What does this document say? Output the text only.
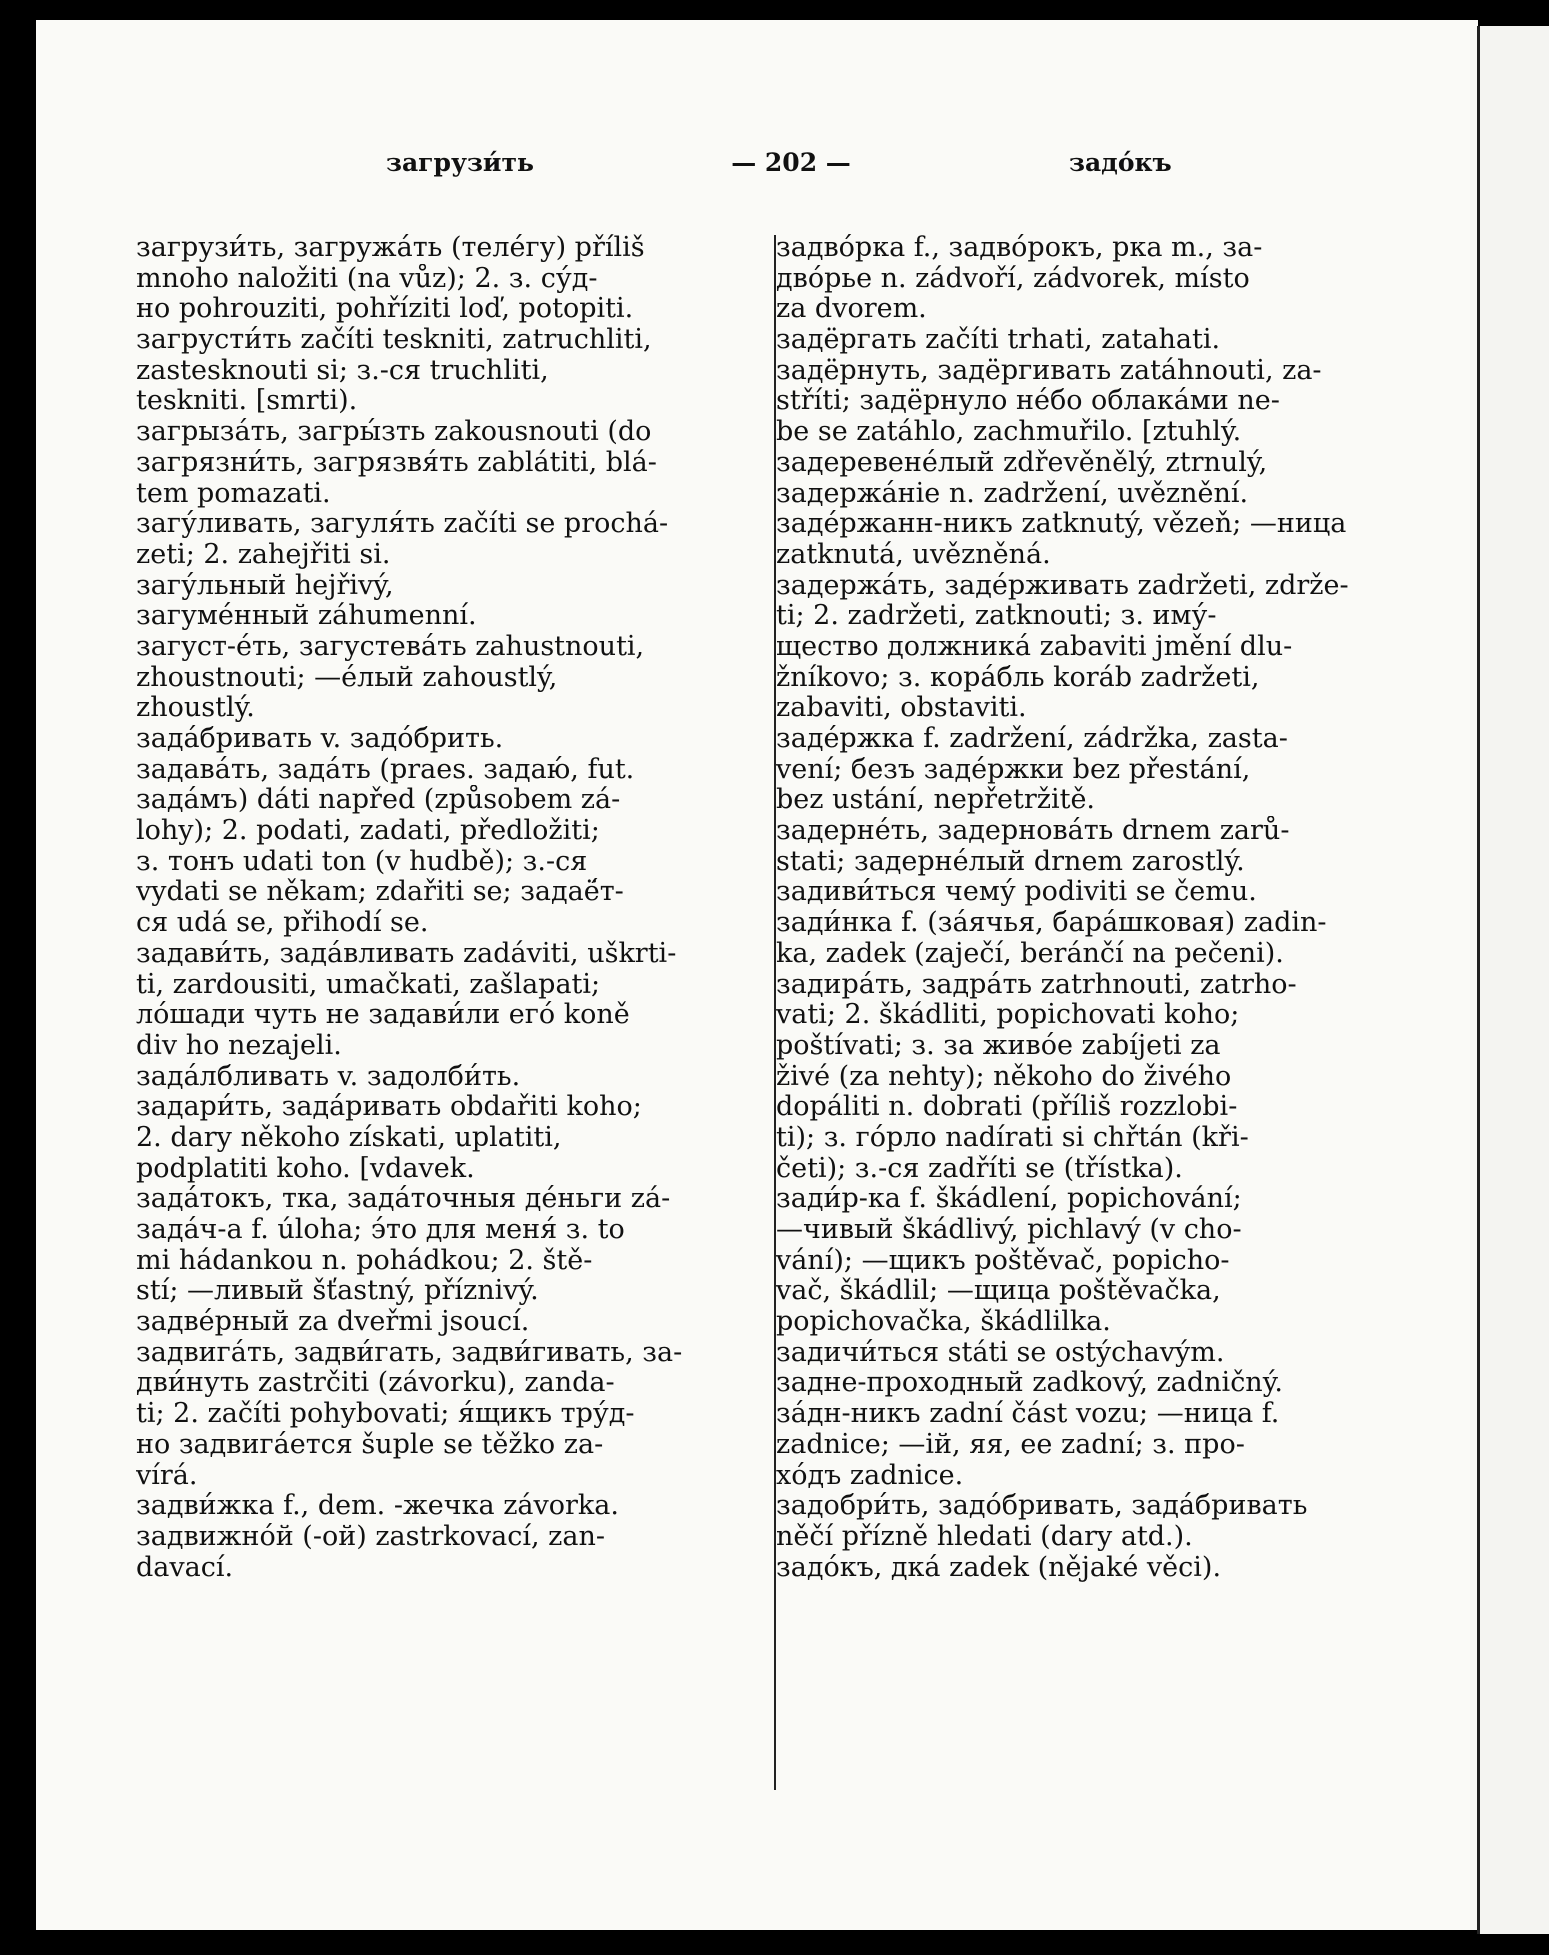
загрузи́ть	— 202 —	задо́къ
загрузи́ть, загружа́ть (теле́гу) příliš
mnoho naložiti (na vůz); 2. з. су́д-
но pohrouziti, pohříziti loď, potopiti.
загрусти́ть začíti teskniti, zatruchliti,
zastesknouti si; з.-ся truchliti,
teskniti. [smrti).
загрыза́ть, загры́зть zakousnouti (do
загрязни́ть, загрязвя́ть zablátiti, blá-
tem pomazati.
загу́ливать, загуля́ть začíti se prochá-
zeti; 2. zahejřiti si.
загу́льный hejřivý,
загуме́нный záhumenní.
загуст-е́ть, загустева́ть zahustnouti,
zhoustnouti; —е́лый zahoustlý,
zhoustlý.
зада́бривать v. задо́брить.
задава́ть, зада́ть (praes. задаю́, fut.
зада́мъ) dáti napřed (způsobem zá-
lohy); 2. podati, zadati, předložiti;
з. тонъ udati ton (v hudbě); з.-ся
vydati se někam; zdařiti se; задаё́т-
ся udá se, přihodí se.
задави́ть, зада́вливать zadáviti, uškrti-
ti, zardousiti, umačkati, zašlapati;
ло́шади чуть не задави́ли его́ koně
div ho nezajeli.
зада́лбливать v. задолби́ть.
задари́ть, зада́ривать obdařiti koho;
2. dary někoho získati, uplatiti,
podplatiti koho. [vdavek.
зада́токъ, тка, зада́точныя де́ньги zá-
зада́ч-а f. úloha; э́то для меня́ з. to
mi hádankou n. pohádkou; 2. ště-
stí; —ливый šťastný, příznivý.
задве́рный za dveřmi jsoucí.
задвига́ть, задви́гать, задви́гивать, за-
дви́нуть zastrčiti (závorku), zanda-
ti; 2. začíti pohybovati; я́щикъ тру́д-
но задвига́ется šuple se těžko za-
vírá.
задви́жка f., dem. -жечка závorka.
задвижно́й (-ой) zastrkovací, zan-
davací.
задво́рка f., задво́рокъ, рка m., за-
дво́рье n. zádvoří, zádvorek, místo
za dvorem.
задёргать začíti trhati, zatahati.
задёрнуть, задёргивать zatáhnouti, za-
stříti; задёрнуло не́бо облака́ми ne-
be se zatáhlo, zachmuřilo. [ztuhlý.
задеревене́лый zdřevěnělý, ztrnulý,
задержа́ніе n. zadržení, uvěznění.
заде́ржанн-никъ zatknutý, vězeň; —ница
zatknutá, uvězněná.
задержа́ть, заде́рживать zadržeti, zdrže-
ti; 2. zadržeti, zatknouti; з. иму́-
щество должника́ zabaviti jmění dlu-
žníkovo; з. кора́бль koráb zadržeti,
zabaviti, obstaviti.
заде́ржка f. zadržení, zádržka, zasta-
vení; безъ заде́ржки bez přestání,
bez ustání, nepřetržitě.
задерне́ть, задернова́ть drnem zarů-
stati; задерне́лый drnem zarostlý.
задиви́ться чему́ podiviti se čemu.
зади́нка f. (за́ячья, бара́шковая) zadin-
ka, zadek (zaječí, beránčí na pečeni).
задира́ть, задра́ть zatrhnouti, zatrho-
vati; 2. škádliti, popichovati koho;
poštívati; з. за живо́е zabíjeti za
živé (za nehty); někoho do živého
dopáliti n. dobrati (příliš rozzlobi-
ti); з. го́рло nadírati si chřtán (kři-
četi); з.-ся zadříti se (třístka).
зади́р-ка f. škádlení, popichování;
—чивый škádlivý, pichlavý (v cho-
vání); —щикъ poštěvač, popicho-
vač, škádlil; —щица poštěvačka,
popichovačka, škádlilka.
задичи́ться státi se ostýchavým.
задне-проходный zadkový, zadničný.
за́дн-никъ zadní část vozu; —ница f.
zadnice; —ій, яя, ее zadní; з. про-
хо́дъ zadnice.
задобри́ть, задо́бривать, зада́бривать
něčí přízně hledati (dary atd.).
задо́къ, дка́ zadek (nějaké věci).
